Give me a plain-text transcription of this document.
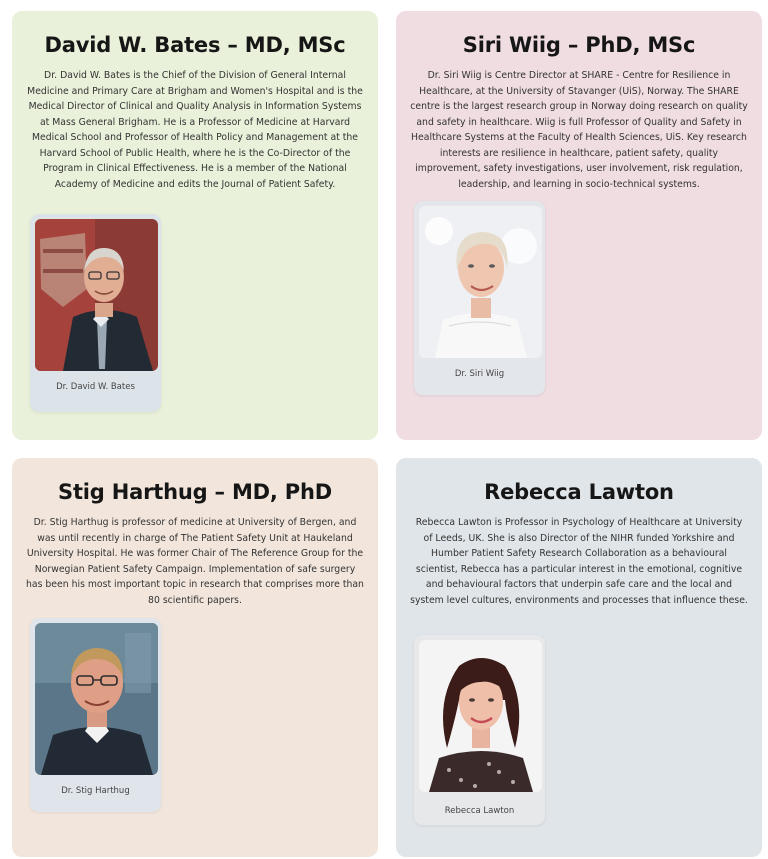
David W. Bates – MD, MSc

Dr. David W. Bates is the Chief of the Division of General Internal Medicine and Primary Care at Brigham and Women's Hospital and is the Medical Director of Clinical and Quality Analysis in Information Systems at Mass General Brigham. He is a Professor of Medicine at Harvard Medical School and Professor of Health Policy and Management at the Harvard School of Public Health, where he is the Co-Director of the Program in Clinical Effectiveness. He is a member of the National Academy of Medicine and edits the Journal of Patient Safety.

Dr. David W. Bates
Siri Wiig – PhD, MSc

Dr. Siri Wiig is Centre Director at SHARE - Centre for Resilience in Healthcare, at the University of Stavanger (UiS), Norway. The SHARE centre is the largest research group in Norway doing research on quality and safety in healthcare. Wiig is full Professor of Quality and Safety in Healthcare Systems at the Faculty of Health Sciences, UiS. Key research interests are resilience in healthcare, patient safety, quality improvement, safety investigations, user involvement, risk regulation, leadership, and learning in socio-technical systems.

Dr. Siri Wiig
Stig Harthug – MD, PhD

Dr. Stig Harthug is professor of medicine at University of Bergen, and was until recently in charge of The Patient Safety Unit at Haukeland University Hospital. He was former Chair of The Reference Group for the Norwegian Patient Safety Campaign. Implementation of safe surgery has been his most important topic in research that comprises more than 80 scientific papers.

Dr. Stig Harthug
Rebecca Lawton

Rebecca Lawton is Professor in Psychology of Healthcare at University of Leeds, UK. She is also Director of the NIHR funded Yorkshire and Humber Patient Safety Research Collaboration as a behavioural scientist, Rebecca has a particular interest in the emotional, cognitive and behavioural factors that underpin safe care and the local and system level cultures, environments and processes that influence these.

Rebecca Lawton
